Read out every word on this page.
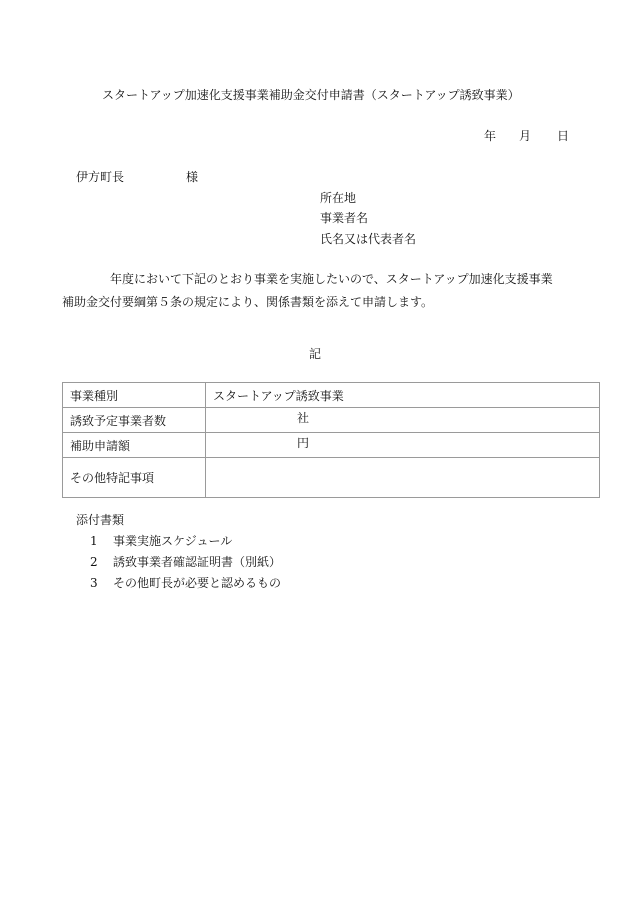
スタートアップ加速化支援事業補助金交付申請書（スタートアップ誘致事業）
年 月 日
伊方町長	様
所在地
事業者名
氏名又は代表者名
年度において下記のとおり事業を実施したいので、スタートアップ加速化支援事業
補助金交付要綱第５条の規定により、関係書類を添えて申請します。
記
事業種別	スタートアップ誘致事業
誘致予定事業者数	社
補助申請額	円
その他特記事項	
添付書類
1 事業実施スケジュール
2 誘致事業者確認証明書（別紙）
3 その他町長が必要と認めるもの
